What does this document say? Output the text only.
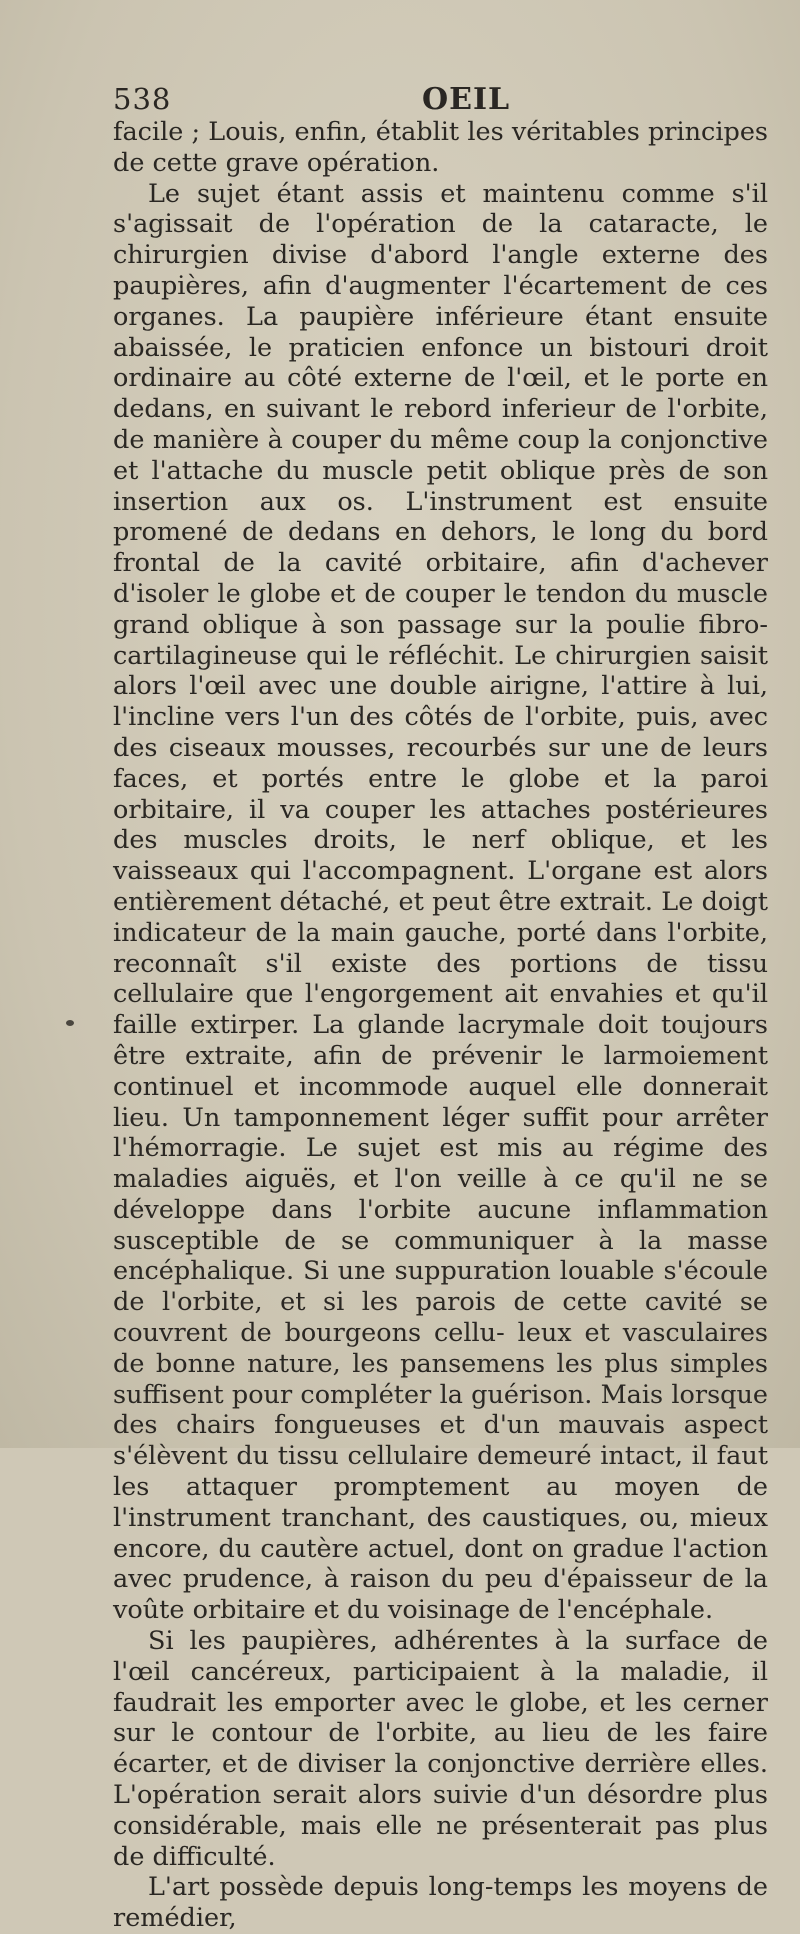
538	OEIL

facile ; Louis, enfin, établit les véritables principes de cette grave opération.

Le sujet étant assis et maintenu comme s'il s'agissait de l'opération de la cataracte, le chirurgien divise d'abord l'angle externe des paupières, afin d'augmenter l'écartement de ces organes. La paupière inférieure étant ensuite abaissée, le praticien enfonce un bistouri droit ordinaire au côté externe de l'œil, et le porte en dedans, en suivant le rebord inferieur de l'orbite, de manière à couper du même coup la conjonctive et l'attache du muscle petit oblique près de son insertion aux os. L'instrument est ensuite promené de dedans en dehors, le long du bord frontal de la cavité orbitaire, afin d'achever d'isoler le globe et de couper le tendon du muscle grand oblique à son passage sur la poulie fibro-cartilagineuse qui le réfléchit. Le chirurgien saisit alors l'œil avec une double airigne, l'attire à lui, l'incline vers l'un des côtés de l'orbite, puis, avec des ciseaux mousses, recourbés sur une de leurs faces, et portés entre le globe et la paroi orbitaire, il va couper les attaches postérieures des muscles droits, le nerf oblique, et les vaisseaux qui l'accompagnent. L'organe est alors entièrement détaché, et peut être extrait. Le doigt indicateur de la main gauche, porté dans l'orbite, reconnaît s'il existe des portions de tissu cellulaire que l'engorgement ait envahies et qu'il faille extirper. La glande lacrymale doit toujours être extraite, afin de prévenir le larmoiement continuel et incommode auquel elle donnerait lieu. Un tamponnement léger suffit pour arrêter l'hémorragie. Le sujet est mis au régime des maladies aiguës, et l'on veille à ce qu'il ne se développe dans l'orbite aucune inflammation susceptible de se communiquer à la masse encéphalique. Si une suppuration louable s'écoule de l'orbite, et si les parois de cette cavité se couvrent de bourgeons cellu- leux et vasculaires de bonne nature, les pansemens les plus simples suffisent pour compléter la guérison. Mais lorsque des chairs fongueuses et d'un mauvais aspect s'élèvent du tissu cellulaire demeuré intact, il faut les attaquer promptement au moyen de l'instrument tranchant, des caustiques, ou, mieux encore, du cautère actuel, dont on gradue l'action avec prudence, à raison du peu d'épaisseur de la voûte orbitaire et du voisinage de l'encéphale.

Si les paupières, adhérentes à la surface de l'œil cancéreux, participaient à la maladie, il faudrait les emporter avec le globe, et les cerner sur le contour de l'orbite, au lieu de les faire écarter, et de diviser la conjonctive derrière elles. L'opération serait alors suivie d'un désordre plus considérable, mais elle ne présenterait pas plus de difficulté.

L'art possède depuis long-temps les moyens de remédier,
